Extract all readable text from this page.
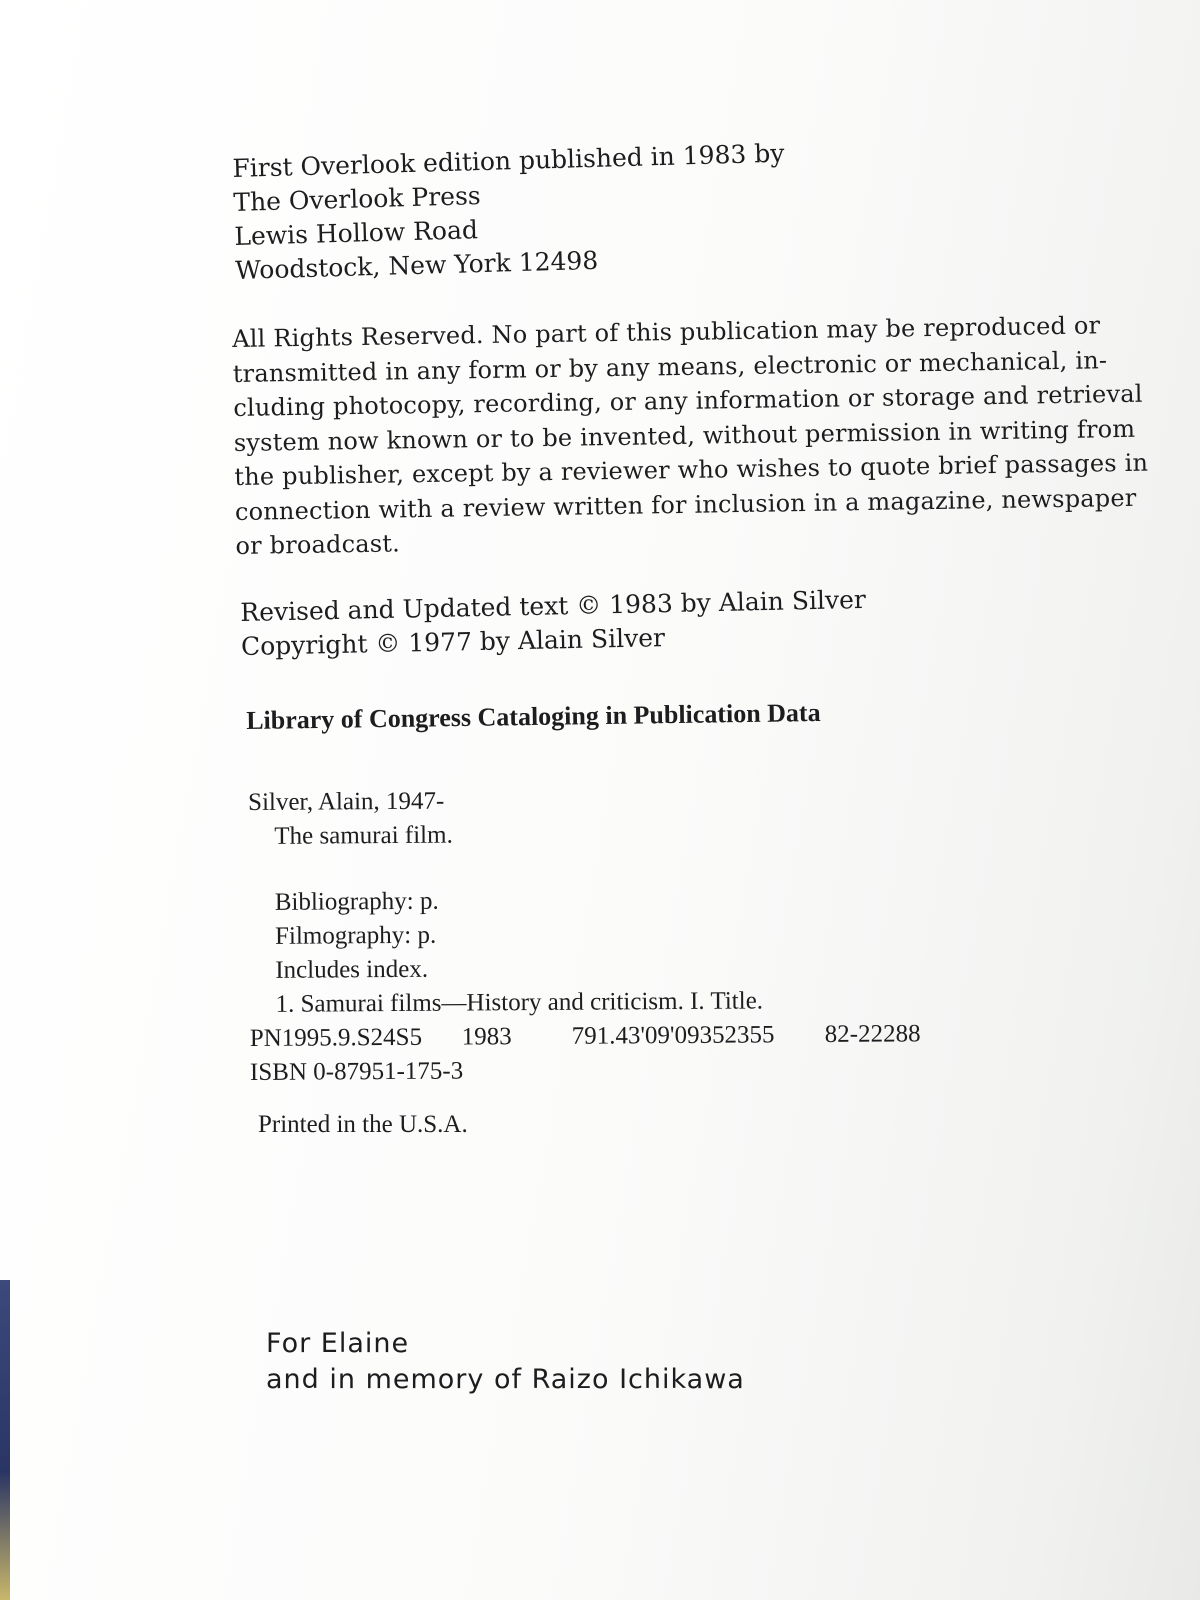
First Overlook edition published in 1983 by
The Overlook Press
Lewis Hollow Road
Woodstock, New York 12498
All Rights Reserved. No part of this publication may be reproduced or
transmitted in any form or by any means, electronic or mechanical, in-
cluding photocopy, recording, or any information or storage and retrieval
system now known or to be invented, without permission in writing from
the publisher, except by a reviewer who wishes to quote brief passages in
connection with a review written for inclusion in a magazine, newspaper
or broadcast.
Revised and Updated text © 1983 by Alain Silver
Copyright © 1977 by Alain Silver
Library of Congress Cataloging in Publication Data
Silver, Alain, 1947-
The samurai film.
Bibliography: p.
Filmography: p.
Includes index.
1. Samurai films—History and criticism. I. Title.
PN1995.9.S24S5	1983	791.43'09'09352355	82-22288
ISBN 0-87951-175-3
Printed in the U.S.A.
For Elaine
and in memory of Raizo Ichikawa
